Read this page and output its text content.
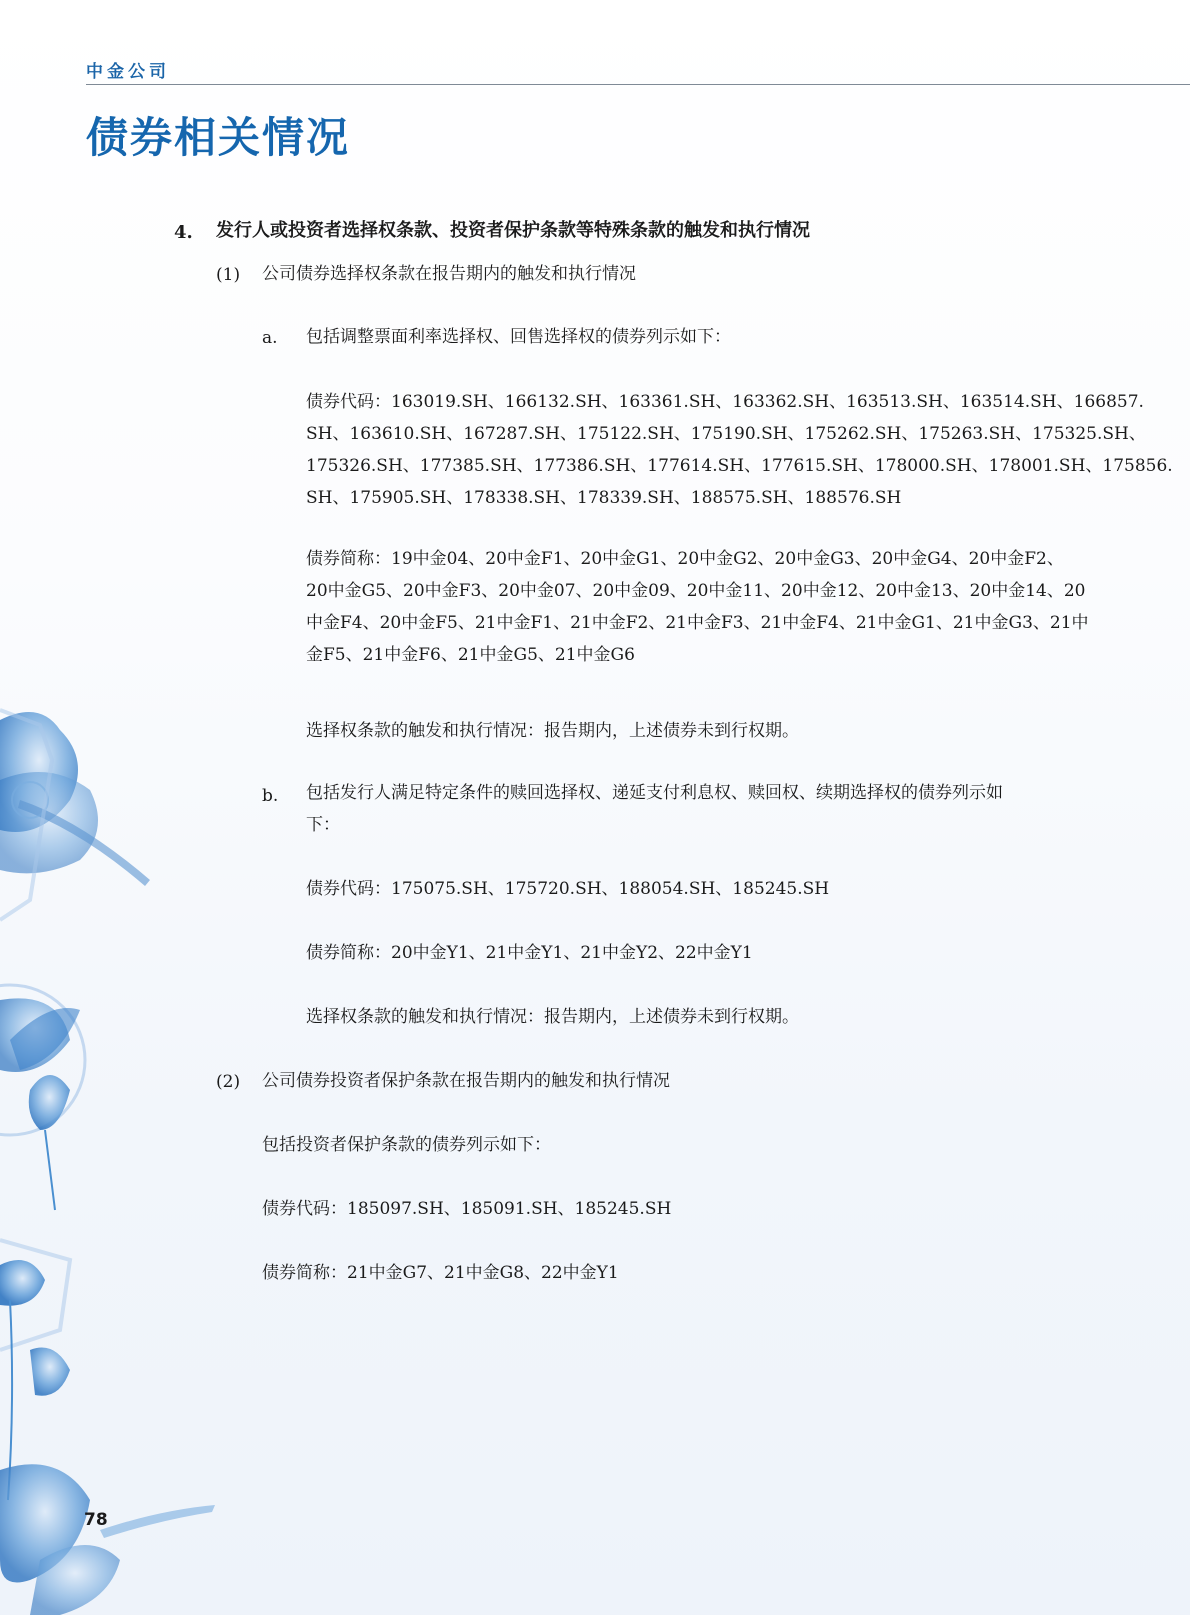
中金公司
债券相关情况
4. 发行人或投资者选择权条款、投资者保护条款等特殊条款的触发和执行情况
(1) 公司债券选择权条款在报告期内的触发和执行情况
a. 包括调整票面利率选择权、回售选择权的债券列示如下：
债券代码：163019.SH、166132.SH、163361.SH、163362.SH、163513.SH、163514.SH、166857.
SH、163610.SH、167287.SH、175122.SH、175190.SH、175262.SH、175263.SH、175325.SH、
175326.SH、177385.SH、177386.SH、177614.SH、177615.SH、178000.SH、178001.SH、175856.
SH、175905.SH、178338.SH、178339.SH、188575.SH、188576.SH
债券简称：19中金04、20中金F1、20中金G1、20中金G2、20中金G3、20中金G4、20中金F2、
20中金G5、20中金F3、20中金07、20中金09、20中金11、20中金12、20中金13、20中金14、20
中金F4、20中金F5、21中金F1、21中金F2、21中金F3、21中金F4、21中金G1、21中金G3、21中
金F5、21中金F6、21中金G5、21中金G6
选择权条款的触发和执行情况：报告期内，上述债券未到行权期。
b. 包括发行人满足特定条件的赎回选择权、递延支付利息权、赎回权、续期选择权的债券列示如
下：
债券代码：175075.SH、175720.SH、188054.SH、185245.SH
债券简称：20中金Y1、21中金Y1、21中金Y2、22中金Y1
选择权条款的触发和执行情况：报告期内，上述债券未到行权期。
(2) 公司债券投资者保护条款在报告期内的触发和执行情况
包括投资者保护条款的债券列示如下：
债券代码：185097.SH、185091.SH、185245.SH
债券简称：21中金G7、21中金G8、22中金Y1
78
